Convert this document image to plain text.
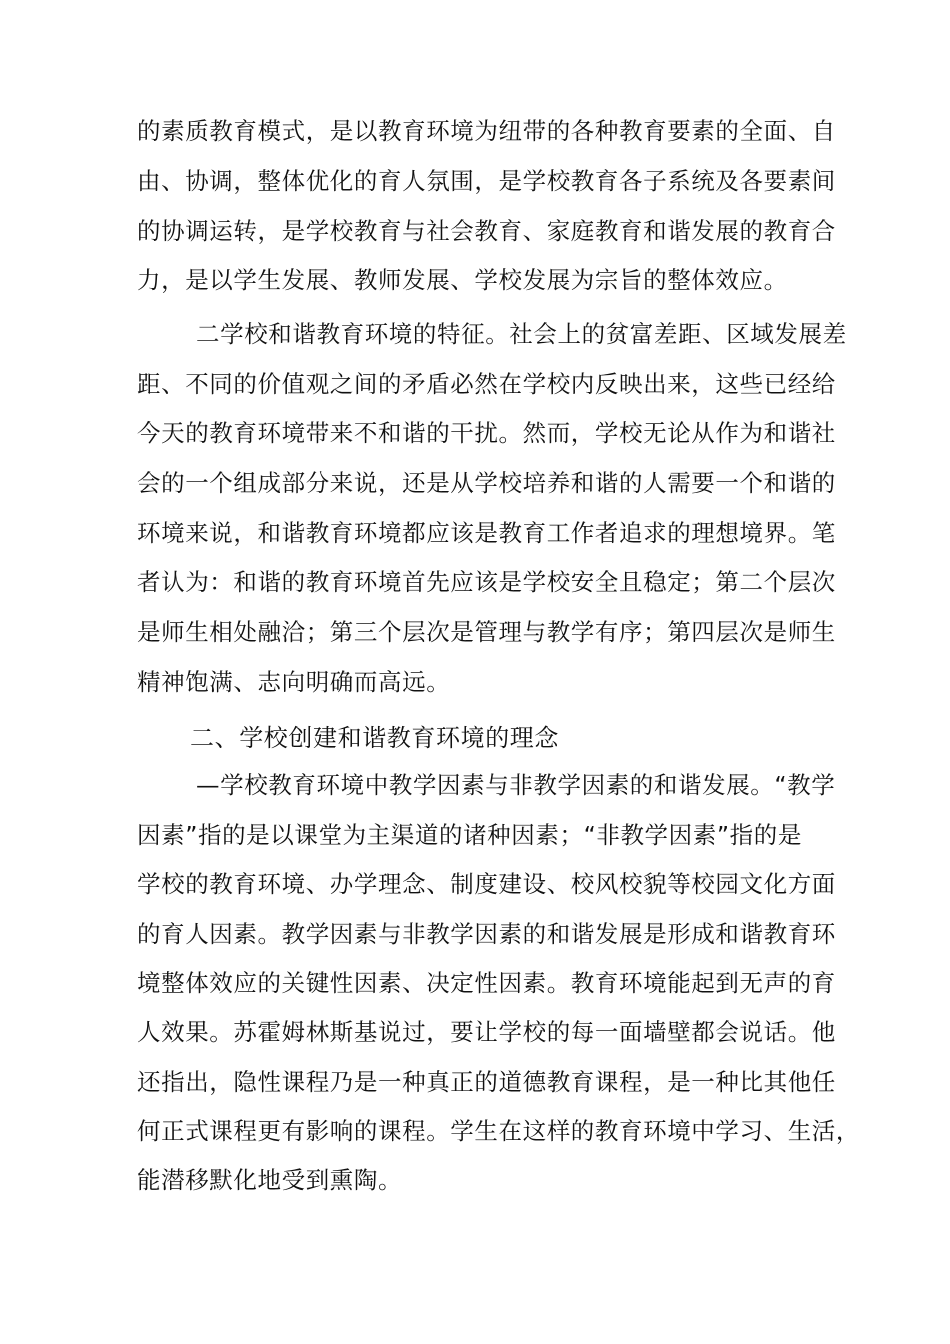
的素质教育模式，是以教育环境为纽带的各种教育要素的全面、自
由、协调，整体优化的育人氛围，是学校教育各子系统及各要素间
的协调运转，是学校教育与社会教育、家庭教育和谐发展的教育合
力，是以学生发展、教师发展、学校发展为宗旨的整体效应。
二学校和谐教育环境的特征。社会上的贫富差距、区域发展差
距、不同的价值观之间的矛盾必然在学校内反映出来，这些已经给
今天的教育环境带来不和谐的干扰。然而，学校无论从作为和谐社
会的一个组成部分来说，还是从学校培养和谐的人需要一个和谐的
环境来说，和谐教育环境都应该是教育工作者追求的理想境界。笔
者认为：和谐的教育环境首先应该是学校安全且稳定；第二个层次
是师生相处融洽；第三个层次是管理与教学有序；第四层次是师生
精神饱满、志向明确而高远。
二、学校创建和谐教育环境的理念
—学校教育环境中教学因素与非教学因素的和谐发展。“教学
因素”指的是以课堂为主渠道的诸种因素；“非教学因素”指的是
学校的教育环境、办学理念、制度建设、校风校貌等校园文化方面
的育人因素。教学因素与非教学因素的和谐发展是形成和谐教育环
境整体效应的关键性因素、决定性因素。教育环境能起到无声的育
人效果。苏霍姆林斯基说过，要让学校的每一面墙壁都会说话。他
还指出，隐性课程乃是一种真正的道德教育课程，是一种比其他任
何正式课程更有影响的课程。学生在这样的教育环境中学习、生活，
能潜移默化地受到熏陶。
